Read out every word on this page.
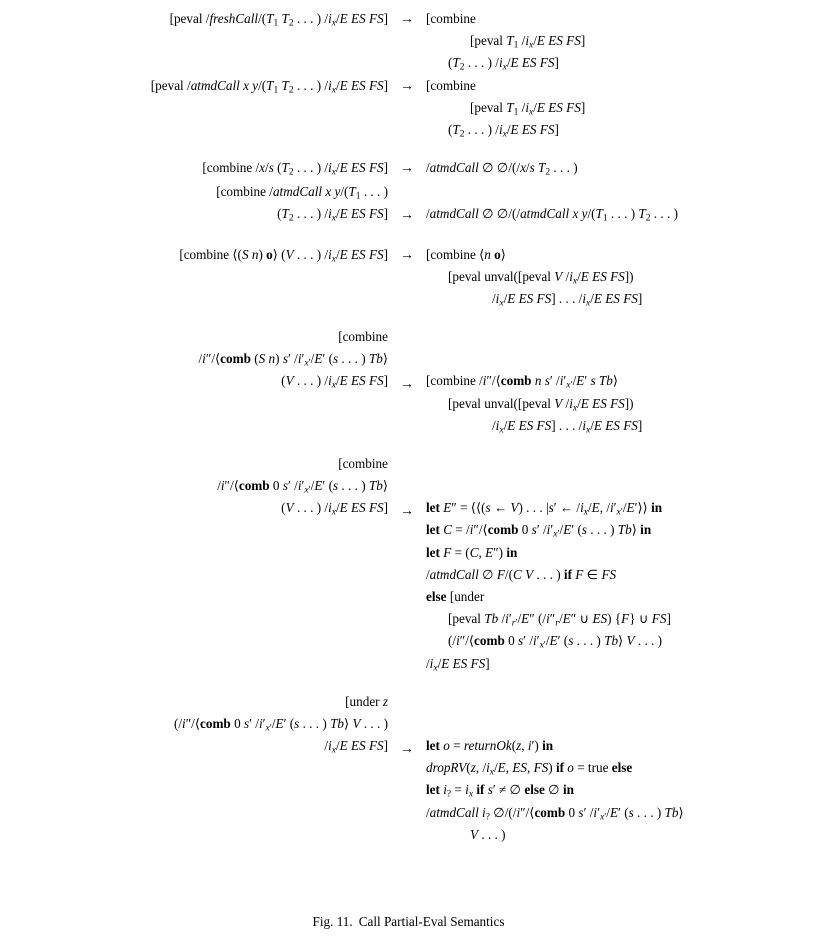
[peval $/freshCall/(T_1$ $T_2$ . . . ) $/i_x/E$ ES FS]	→	[combine
[peval $T_1$ $/i_x/E$ ES FS]
($T_2$ . . . ) $/i_x/E$ ES FS]

[peval /atmdCall x $y/(T_1$ $T_2$ . . . ) $/i_x/E$ ES FS]	→	[combine
[peval $T_1$ $/i_x/E$ ES FS]
($T_2$ . . . ) $/i_x/E$ ES FS]

[combine /x/s ($T_2$ . . . ) $/i_x/E$ ES FS]	→	/atmdCall ∅ ∅/(/x/s $T_2$ . . . )

[combine /atmdCall x $y/(T_1$ . . . )
($T_2$ . . . ) $/i_x/E$ ES FS]	→	/atmdCall ∅ ∅/(/atmdCall x $y/(T_1$ . . . ) $T_2$ . . . )

[combine ⟨(S n) o⟩ (V . . . ) $/i_x/E$ ES FS]	→	[combine ⟨n o⟩
[peval unval([peval V $/i_x/E$ ES FS])
$/i_x/E$ ES FS] . . . $/i_x/E$ ES FS]

[combine
/i″/⟨comb (S n) s′ $/i'_{x'}/E'$ (s . . . ) Tb⟩
(V . . . ) $/i_x/E$ ES FS]	→	[combine /i″/⟨comb n s′ $/i'_{x'}/E'$ s Tb⟩
[peval unval([peval V $/i_x/E$ ES FS])
$/i_x/E$ ES FS] . . . $/i_x/E$ ES FS]

[combine
/i″/⟨comb 0 s′ $/i'_{x'}/E'$ (s . . . ) Tb⟩
(V . . . ) $/i_x/E$ ES FS]	→	let E″ = ⟨⟨(s ← V) . . . |s′ ← $/i_x/E$, $/i'_{x'}/E'⟩⟩$ in
let C = /i″/⟨comb 0 s′ $/i'_{x'}/E'$ (s . . . ) Tb⟩ in
let F = (C, E″) in
/atmdCall ∅ F/(C V . . . ) if F ∈ FS
else [under
[peval Tb $/i'_{r'}/E''$ ($/i''_r/E''$ ∪ ES) {F} ∪ FS]
(/i″/⟨comb 0 s′ $/i'_{x'}/E'$ (s . . . ) Tb⟩ V . . . )
$/i_x/E$ ES FS]

[under z
(/i″/⟨comb 0 s′ $/i'_{x'}/E'$ (s . . . ) Tb⟩ V . . . )
$/i_x/E$ ES FS]	→	let o = returnOk(z, i′) in
dropRV(z, $/i_x/E$, ES, FS) if o = true else
let $i_? = i_x$ if s′ ≠ ∅ else ∅ in
/atmdCall $i_?$ ∅/(/i″/⟨comb 0 s′ $/i'_{x'}/E'$ (s . . . ) Tb⟩
V . . . )
Fig. 11. Call Partial-Eval Semantics
